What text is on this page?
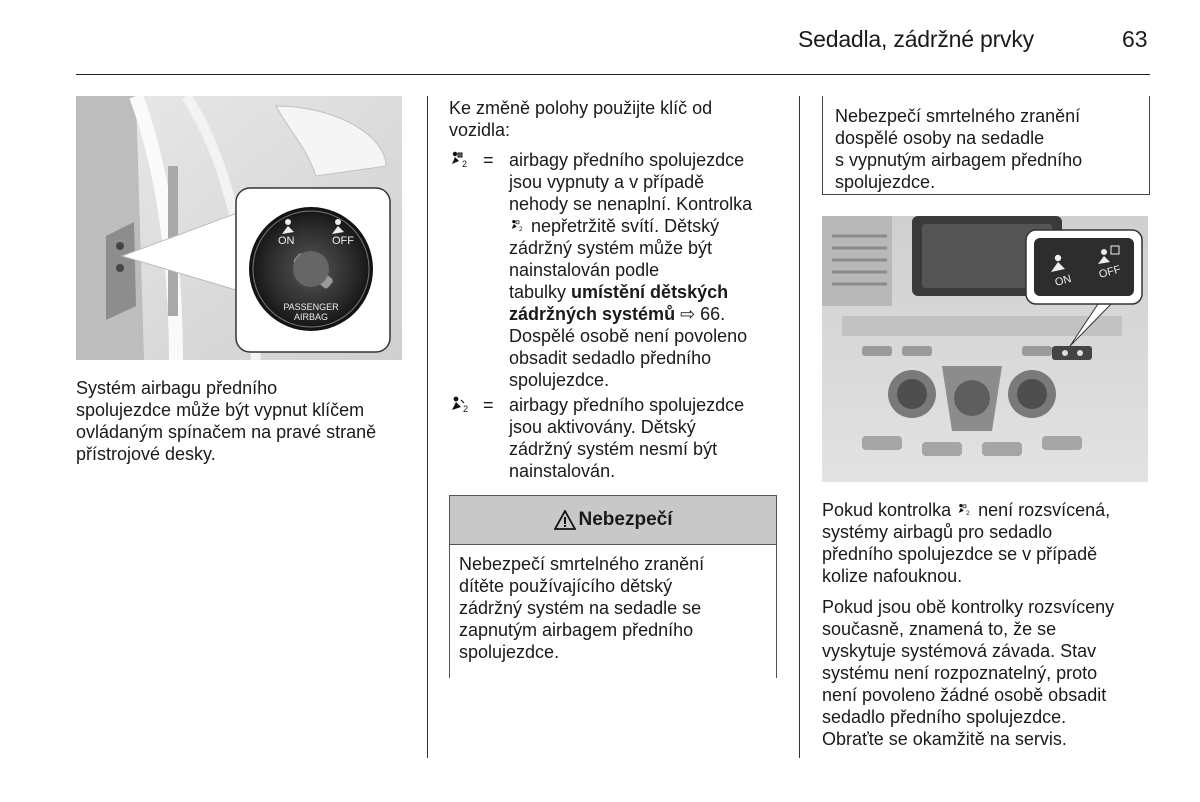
Sedadla, zádržné prvky	63
ON	OFF
PASSENGER
AIRBAG

Systém airbagu předního

spolujezdce může být vypnut klíčem

ovládaným spínačem na pravé straně

přístrojové desky.

Ke změně polohy použijte klíč od

vozidla:

2 = airbagy předního spolujezdce

jsou vypnuty a v případě

nehody se nenaplní. Kontrolka

2 nepřetržitě svítí. Dětský

zádržný systém může být

nainstalován podle

tabulky umístění dětských

zádržných systémů ⇨ 66.

Dospělé osobě není povoleno

obsadit sedadlo předního

spolujezdce.

2 = airbagy předního spolujezdce

jsou aktivovány. Dětský

zádržný systém nesmí být

nainstalován.

Nebezpečí

Nebezpečí smrtelného zranění

dítěte používajícího dětský

zádržný systém na sedadle se

zapnutým airbagem předního

spolujezdce.

Nebezpečí smrtelného zranění

dospělé osoby na sedadle

s vypnutým airbagem předního

spolujezdce.

ON
OFF

Pokud kontrolka 2 není rozsvícená,

systémy airbagů pro sedadlo

předního spolujezdce se v případě

kolize nafouknou.

Pokud jsou obě kontrolky rozsvíceny

současně, znamená to, že se

vyskytuje systémová závada. Stav

systému není rozpoznatelný, proto

není povoleno žádné osobě obsadit

sedadlo předního spolujezdce.

Obraťte se okamžitě na servis.
